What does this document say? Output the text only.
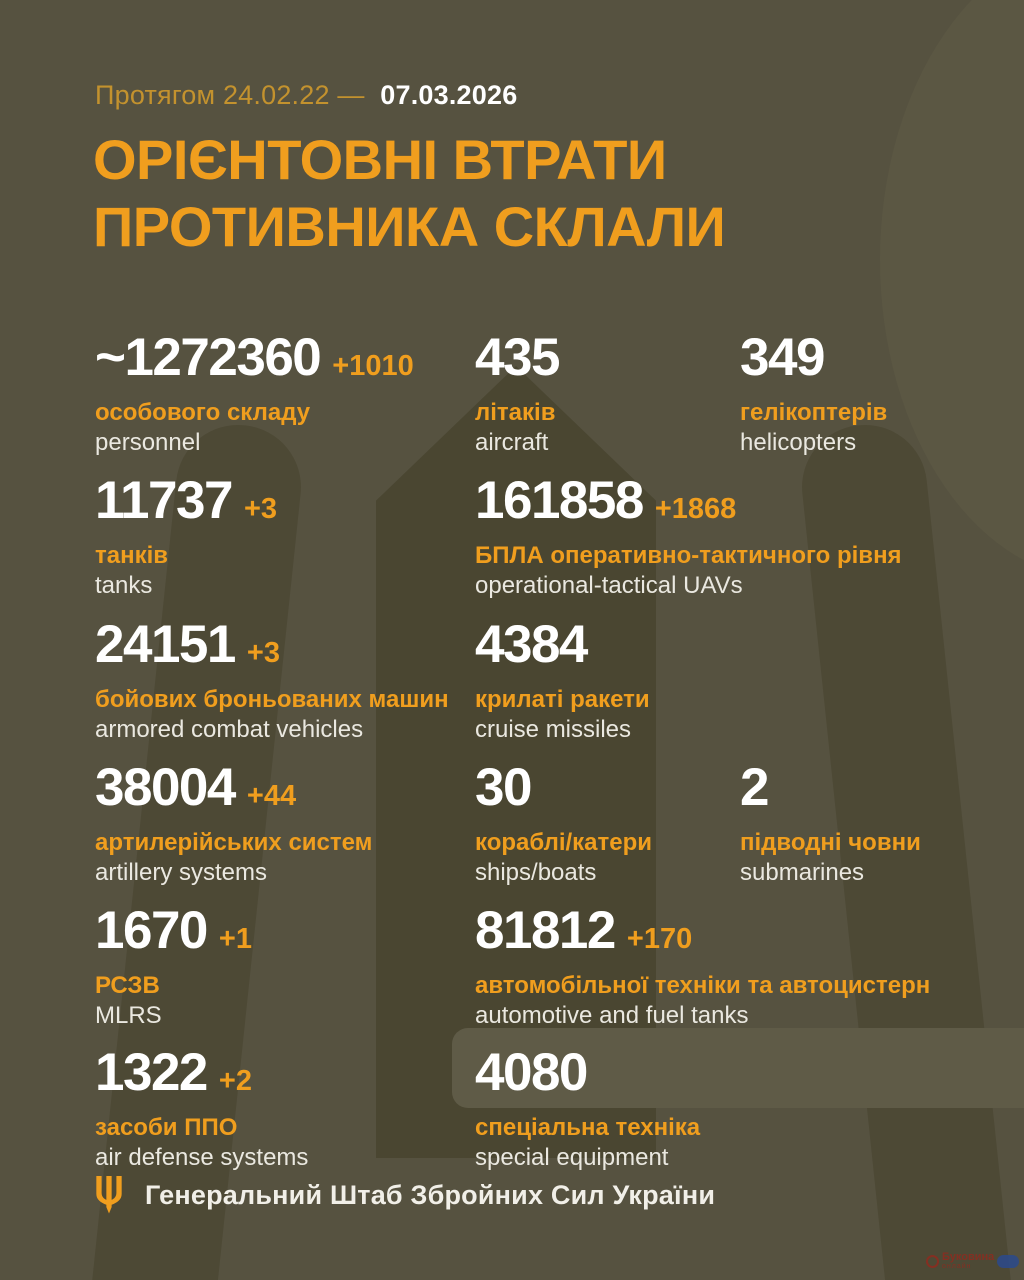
Протягом 24.02.22 — 07.03.2026
ОРІЄНТОВНІ ВТРАТИ
ПРОТИВНИКА СКЛАЛИ
~1272360 +1010
особового складу
personnel
435
літаків
aircraft
349
гелікоптерів
helicopters
11737 +3
танків
tanks
161858 +1868
БПЛА оперативно-тактичного рівня
operational-tactical UAVs
24151 +3
бойових броньованих машин
armored combat vehicles
4384
крилаті ракети
cruise missiles
38004 +44
артилерійських систем
artillery systems
30
кораблі/катери
ships/boats
2
підводні човни
submarines
1670 +1
РСЗВ
MLRS
81812 +170
автомобільної техніки та автоцистерн
automotive and fuel tanks
1322 +2
засоби ППО
air defense systems
4080
спеціальна техніка
special equipment
Генеральний Штаб Збройних Сил України
Буковина
онлайн
